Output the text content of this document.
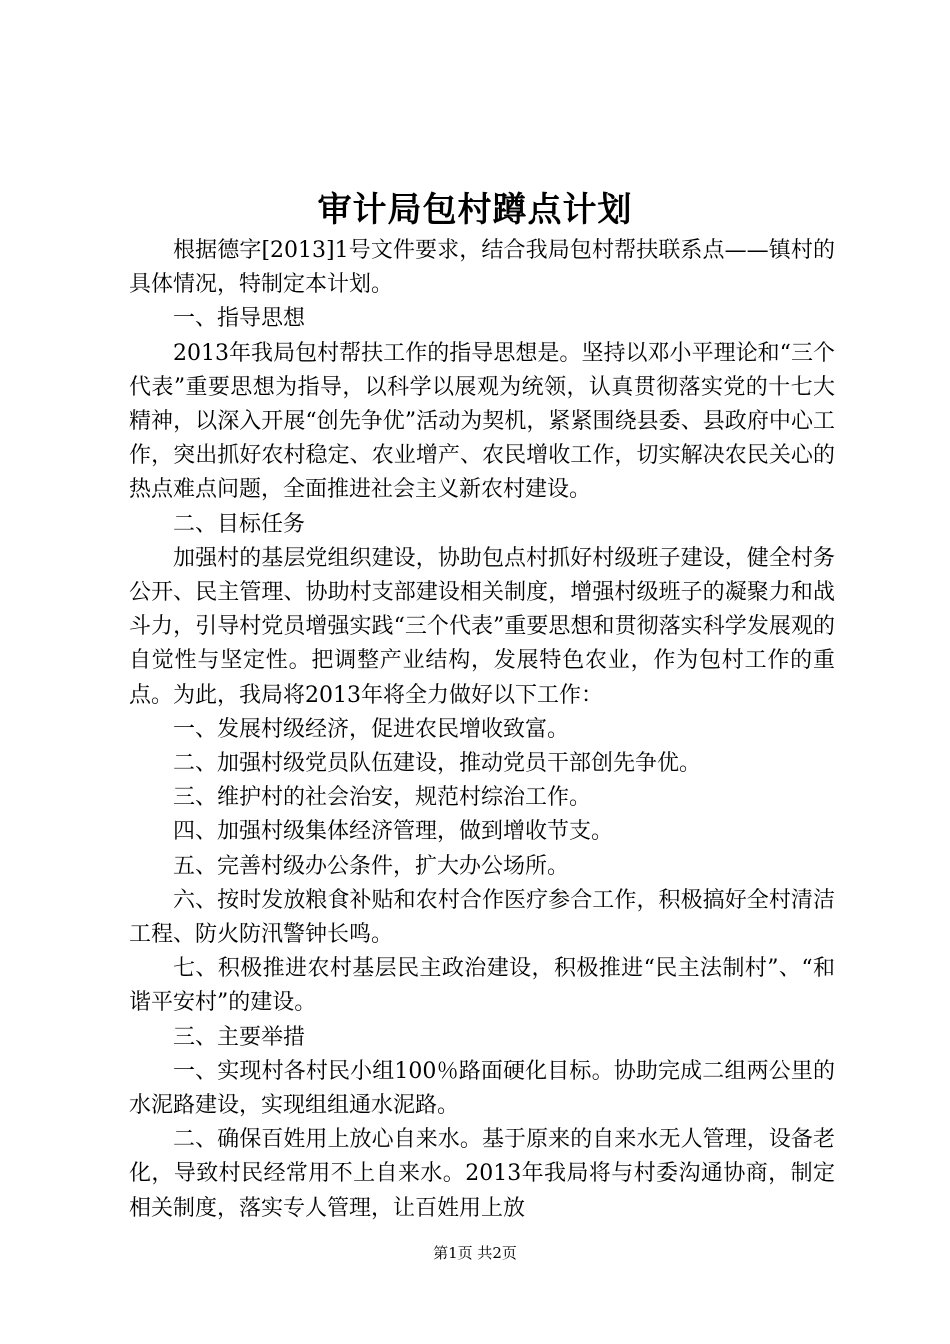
审计局包村蹲点计划

根据德字[2013]1号文件要求，结合我局包村帮扶联系点——镇村的具体情况，特制定本计划。

一、指导思想

2013年我局包村帮扶工作的指导思想是。坚持以邓小平理论和“三个代表”重要思想为指导，以科学以展观为统领，认真贯彻落实党的十七大精神，以深入开展“创先争优”活动为契机，紧紧围绕县委、县政府中心工作，突出抓好农村稳定、农业增产、农民增收工作，切实解决农民关心的热点难点问题，全面推进社会主义新农村建设。

二、目标任务

加强村的基层党组织建设，协助包点村抓好村级班子建设，健全村务公开、民主管理、协助村支部建设相关制度，增强村级班子的凝聚力和战斗力，引导村党员增强实践“三个代表”重要思想和贯彻落实科学发展观的自觉性与坚定性。把调整产业结构，发展特色农业，作为包村工作的重点。为此，我局将2013年将全力做好以下工作：

一、发展村级经济，促进农民增收致富。

二、加强村级党员队伍建设，推动党员干部创先争优。

三、维护村的社会治安，规范村综治工作。

四、加强村级集体经济管理，做到增收节支。

五、完善村级办公条件，扩大办公场所。

六、按时发放粮食补贴和农村合作医疗参合工作，积极搞好全村清洁工程、防火防汛警钟长鸣。

七、积极推进农村基层民主政治建设，积极推进“民主法制村”、“和谐平安村”的建设。

三、主要举措

一、实现村各村民小组100％路面硬化目标。协助完成二组两公里的水泥路建设，实现组组通水泥路。

二、确保百姓用上放心自来水。基于原来的自来水无人管理，设备老化，导致村民经常用不上自来水。2013年我局将与村委沟通协商，制定相关制度，落实专人管理，让百姓用上放

第1页 共2页
